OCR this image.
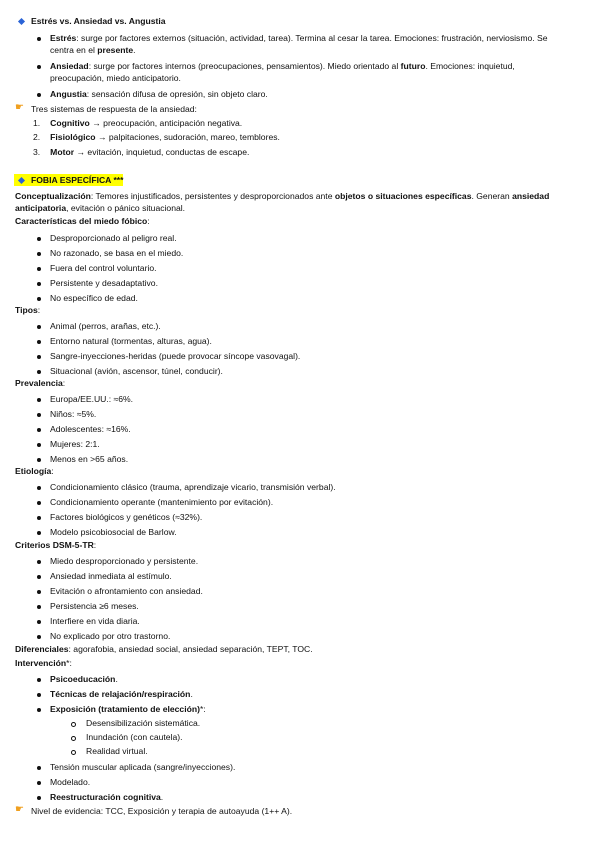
Estrés vs. Ansiedad vs. Angustia
Estrés: surge por factores externos (situación, actividad, tarea). Termina al cesar la tarea. Emociones: frustración, nerviosismo. Se
centra en el presente.
Ansiedad: surge por factores internos (preocupaciones, pensamientos). Miedo orientado al futuro. Emociones: inquietud,
preocupación, miedo anticipatorio.
Angustia: sensación difusa de opresión, sin objeto claro.
☛ Tres sistemas de respuesta de la ansiedad:
1. Cognitivo → preocupación, anticipación negativa.
2. Fisiológico → palpitaciones, sudoración, mareo, temblores.
3. Motor → evitación, inquietud, conductas de escape.
FOBIA ESPECÍFICA ***
Conceptualización: Temores injustificados, persistentes y desproporcionados ante objetos o situaciones específicas. Generan ansiedad
anticipatoria, evitación o pánico situacional.
Características del miedo fóbico:
Desproporcionado al peligro real.
No razonado, se basa en el miedo.
Fuera del control voluntario.
Persistente y desadaptativo.
No específico de edad.
Tipos:
Animal (perros, arañas, etc.).
Entorno natural (tormentas, alturas, agua).
Sangre-inyecciones-heridas (puede provocar síncope vasovagal).
Situacional (avión, ascensor, túnel, conducir).
Prevalencia:
Europa/EE.UU.: ≈6%.
Niños: ≈5%.
Adolescentes: ≈16%.
Mujeres: 2:1.
Menos en >65 años.
Etiología:
Condicionamiento clásico (trauma, aprendizaje vicario, transmisión verbal).
Condicionamiento operante (mantenimiento por evitación).
Factores biológicos y genéticos (≈32%).
Modelo psicobiosocial de Barlow.
Criterios DSM-5-TR:
Miedo desproporcionado y persistente.
Ansiedad inmediata al estímulo.
Evitación o afrontamiento con ansiedad.
Persistencia ≥6 meses.
Interfiere en vida diaria.
No explicado por otro trastorno.
Diferenciales: agorafobia, ansiedad social, ansiedad separación, TEPT, TOC.
Intervención*:
Psicoeducación.
Técnicas de relajación/respiración.
Exposición (tratamiento de elección)*:
Desensibilización sistemática.
Inundación (con cautela).
Realidad virtual.
Tensión muscular aplicada (sangre/inyecciones).
Modelado.
Reestructuración cognitiva.
☛ Nivel de evidencia: TCC, Exposición y terapia de autoayuda (1++ A).
